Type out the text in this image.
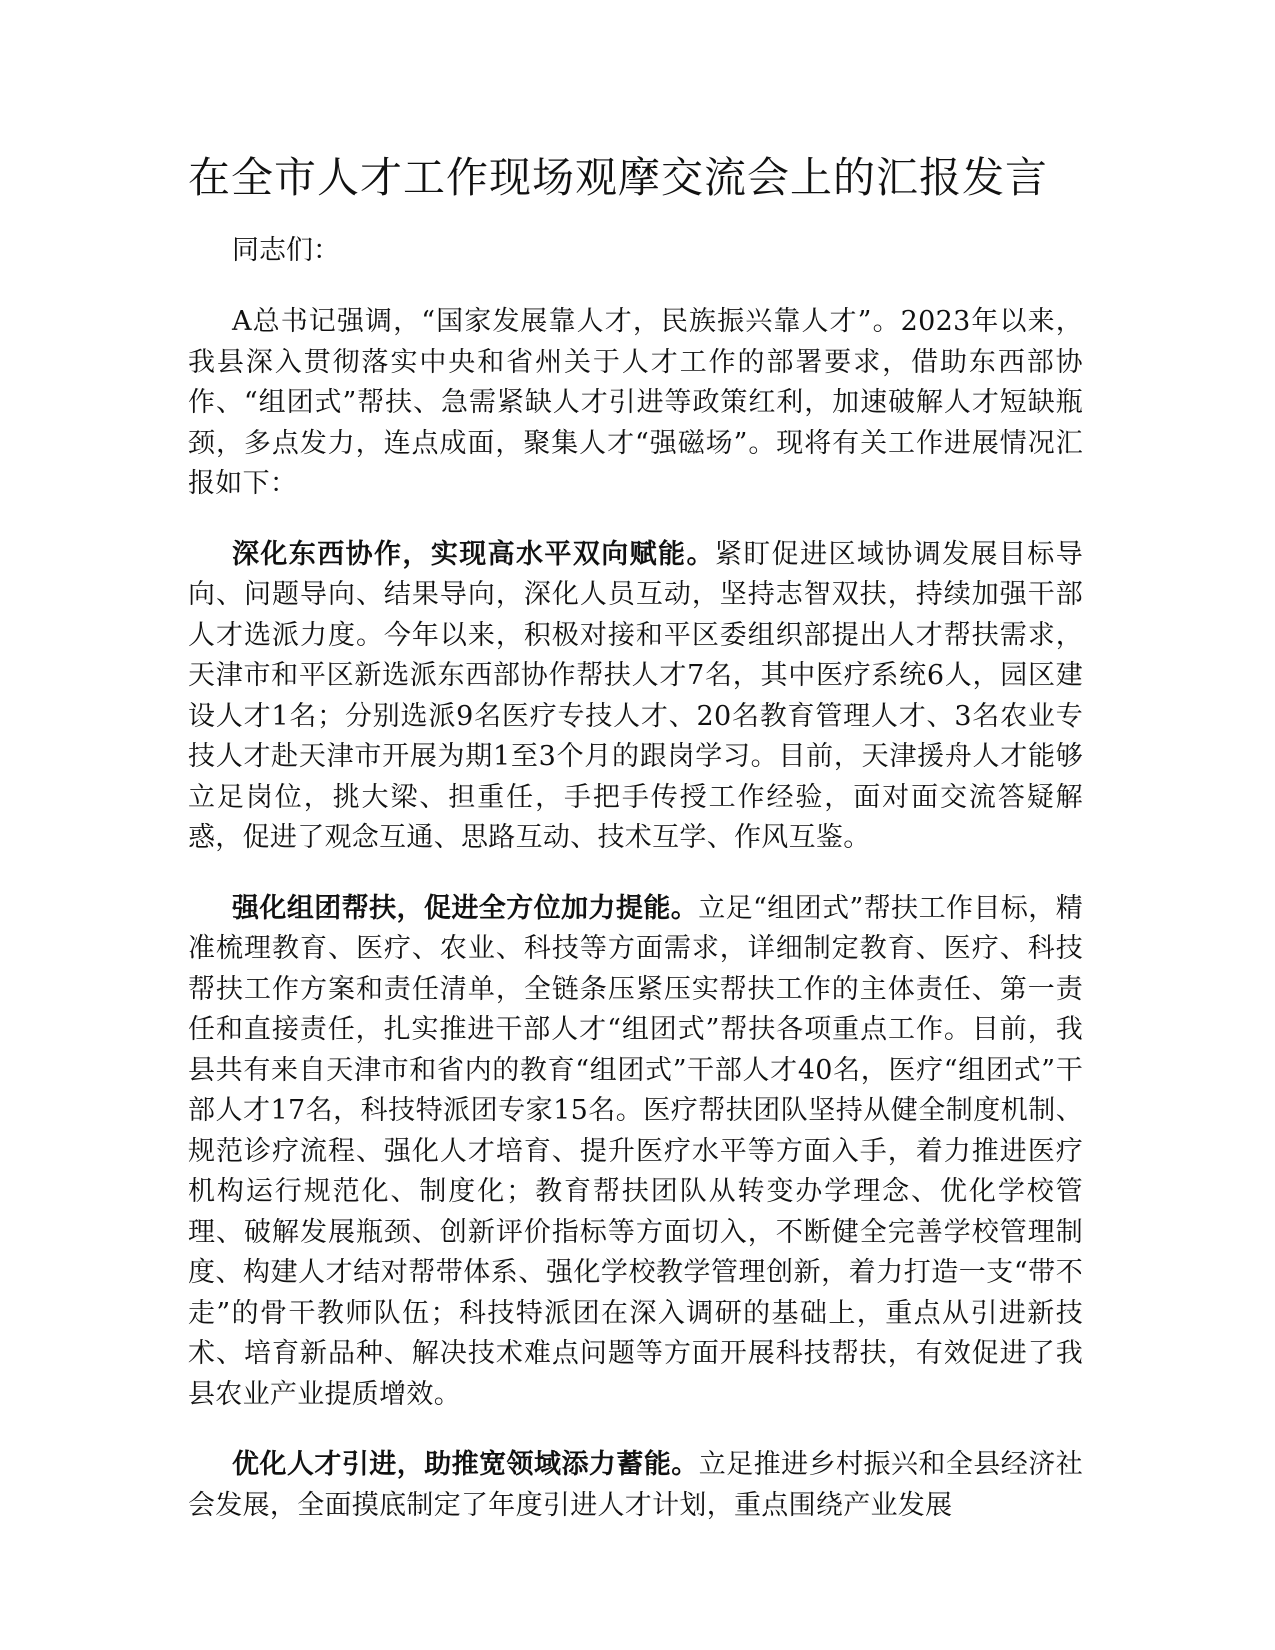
在全市人才工作现场观摩交流会上的汇报发言

同志们：

A总书记强调，“国家发展靠人才，民族振兴靠人才”。2023年以来，我县深入贯彻落实中央和省州关于人才工作的部署要求，借助东西部协作、“组团式”帮扶、急需紧缺人才引进等政策红利，加速破解人才短缺瓶颈，多点发力，连点成面，聚集人才“强磁场”。现将有关工作进展情况汇报如下：

深化东西协作，实现高水平双向赋能。紧盯促进区域协调发展目标导向、问题导向、结果导向，深化人员互动，坚持志智双扶，持续加强干部人才选派力度。今年以来，积极对接和平区委组织部提出人才帮扶需求，天津市和平区新选派东西部协作帮扶人才7名，其中医疗系统6人，园区建设人才1名；分别选派9名医疗专技人才、20名教育管理人才、3名农业专技人才赴天津市开展为期1至3个月的跟岗学习。目前，天津援舟人才能够立足岗位，挑大梁、担重任，手把手传授工作经验，面对面交流答疑解惑，促进了观念互通、思路互动、技术互学、作风互鉴。

强化组团帮扶，促进全方位加力提能。立足“组团式”帮扶工作目标，精准梳理教育、医疗、农业、科技等方面需求，详细制定教育、医疗、科技帮扶工作方案和责任清单，全链条压紧压实帮扶工作的主体责任、第一责任和直接责任，扎实推进干部人才“组团式”帮扶各项重点工作。目前，我县共有来自天津市和省内的教育“组团式”干部人才40名，医疗“组团式”干部人才17名，科技特派团专家15名。医疗帮扶团队坚持从健全制度机制、规范诊疗流程、强化人才培育、提升医疗水平等方面入手，着力推进医疗机构运行规范化、制度化；教育帮扶团队从转变办学理念、优化学校管理、破解发展瓶颈、创新评价指标等方面切入，不断健全完善学校管理制度、构建人才结对帮带体系、强化学校教学管理创新，着力打造一支“带不走”的骨干教师队伍；科技特派团在深入调研的基础上，重点从引进新技术、培育新品种、解决技术难点问题等方面开展科技帮扶，有效促进了我县农业产业提质增效。

优化人才引进，助推宽领域添力蓄能。立足推进乡村振兴和全县经济社会发展，全面摸底制定了年度引进人才计划，重点围绕产业发展
